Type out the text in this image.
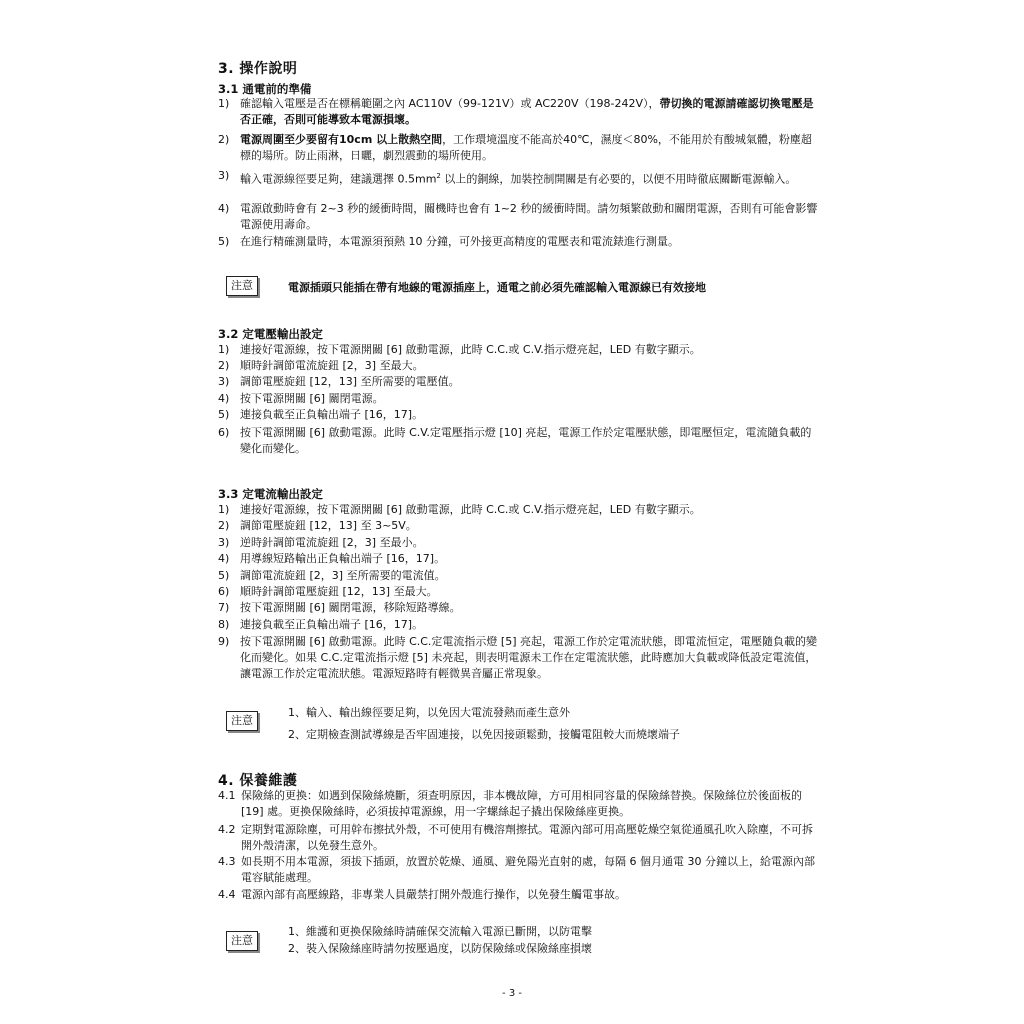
3. 操作說明
3.1 通電前的準備
1) 確認輸入電壓是否在標稱範圍之內 AC110V（99-121V）或 AC220V（198-242V），帶切換的電源請確認切換電壓是否正確，否則可能導致本電源損壞。
2) 電源周圍至少要留有10cm 以上散熱空間，工作環境溫度不能高於40℃，濕度＜80%，不能用於有酸城氣體，粉塵超標的場所。防止雨淋，日曬，劇烈震動的場所使用。
3) 輸入電源線徑要足夠，建議選擇 $0.5mm^2$ 以上的銅線，加裝控制開關是有必要的，以便不用時徹底關斷電源輸入。
4) 電源啟動時會有 2~3 秒的緩衝時間，關機時也會有 1~2 秒的緩衝時間。請勿頻繁啟動和關閉電源，否則有可能會影響電源使用壽命。
5) 在進行精確測量時，本電源須預熱 10 分鐘，可外接更高精度的電壓表和電流錶進行測量。
注意	電源插頭只能插在帶有地線的電源插座上，通電之前必須先確認輸入電源線已有效接地
3.2 定電壓輸出設定
1) 連接好電源線，按下電源開關 [6] 啟動電源，此時 C.C.或 C.V.指示燈亮起，LED 有數字顯示。
2) 順時針調節電流旋鈕 [2，3] 至最大。
3) 調節電壓旋鈕 [12，13] 至所需要的電壓值。
4) 按下電源開關 [6] 關閉電源。
5) 連接負載至正負輸出端子 [16，17]。
6) 按下電源開關 [6] 啟動電源。此時 C.V.定電壓指示燈 [10] 亮起，電源工作於定電壓狀態，即電壓恒定，電流隨負載的變化而變化。
3.3 定電流輸出設定
1) 連接好電源線，按下電源開關 [6] 啟動電源，此時 C.C.或 C.V.指示燈亮起，LED 有數字顯示。
2) 調節電壓旋鈕 [12，13] 至 3~5V。
3) 逆時針調節電流旋鈕 [2，3] 至最小。
4) 用導線短路輸出正負輸出端子 [16，17]。
5) 調節電流旋鈕 [2，3] 至所需要的電流值。
6) 順時針調節電壓旋鈕 [12，13] 至最大。
7) 按下電源開關 [6] 關閉電源，移除短路導線。
8) 連接負載至正負輸出端子 [16，17]。
9) 按下電源開關 [6] 啟動電源。此時 C.C.定電流指示燈 [5] 亮起，電源工作於定電流狀態，即電流恒定，電壓隨負載的變化而變化。如果 C.C.定電流指示燈 [5] 未亮起，則表明電源未工作在定電流狀態，此時應加大負載或降低設定電流值，讓電源工作於定電流狀態。電源短路時有輕微異音屬正常現象。
注意
1、輸入、輸出線徑要足夠，以免因大電流發熱而產生意外
2、定期檢查測試導線是否牢固連接，以免因接頭鬆動，接觸電阻較大而燒壞端子
4. 保養維護
4.1 保險絲的更換：如遇到保險絲燒斷，須查明原因，非本機故障，方可用相同容量的保險絲替換。保險絲位於後面板的 [19] 處。更換保險絲時，必須拔掉電源線，用一字螺絲起子撬出保險絲座更換。
4.2 定期對電源除塵，可用幹布擦拭外殼，不可使用有機溶劑擦拭。電源內部可用高壓乾燥空氣從通風孔吹入除塵，不可拆開外殼清潔，以免發生意外。
4.3 如長期不用本電源，須拔下插頭，放置於乾燥、通風、避免陽光直射的處，每隔 6 個月通電 30 分鐘以上，給電源內部電容賦能處理。
4.4 電源內部有高壓線路，非專業人員嚴禁打開外殼進行操作，以免發生觸電事故。
注意
1、維護和更換保險絲時請確保交流輸入電源已斷開，以防電擊
2、裝入保險絲座時請勿按壓過度，以防保險絲或保險絲座損壞
- 3 -
